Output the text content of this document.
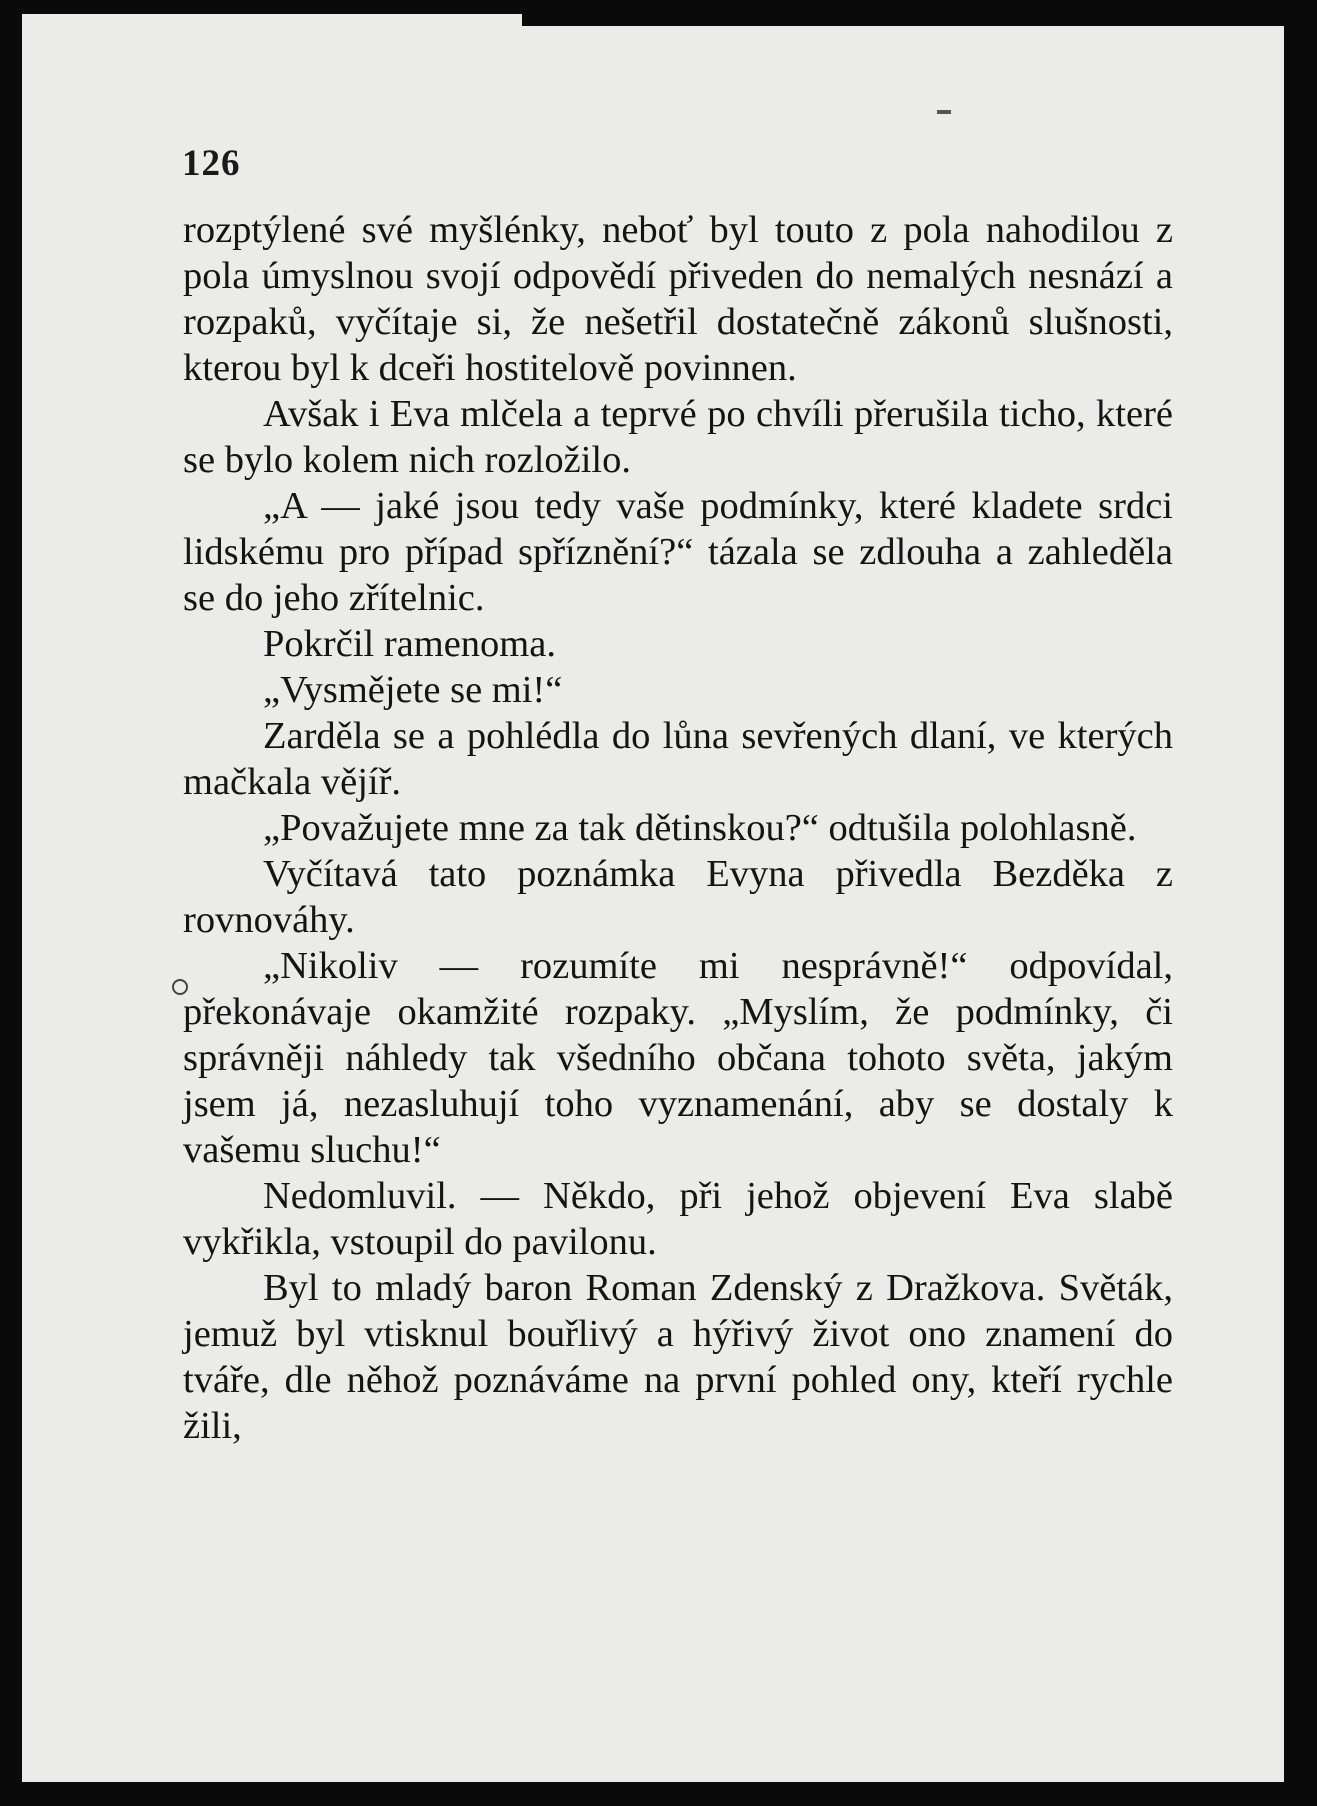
126

rozptýlené své myšlénky, neboť byl touto z pola nahodilou z pola úmyslnou svojí odpovědí přiveden do nemalých nesnází a rozpaků, vyčítaje si, že nešetřil dostatečně zákonů slušnosti, kterou byl k dceři hostitelově povinnen.

Avšak i Eva mlčela a teprvé po chvíli přerušila ticho, které se bylo kolem nich rozložilo.

„A — jaké jsou tedy vaše podmínky, které kladete srdci lidskému pro případ spříznění?“ tázala se zdlouha a zahleděla se do jeho zřítelnic.

Pokrčil ramenoma.

„Vysmějete se mi!“

Zarděla se a pohlédla do lůna sevřených dlaní, ve kterých mačkala vějíř.

„Považujete mne za tak dětinskou?“ odtušila polohlasně.

Vyčítavá tato poznámka Evyna přivedla Bezděka z rovnováhy.

„Nikoliv — rozumíte mi nesprávně!“ odpovídal, překonávaje okamžité rozpaky. „Myslím, že podmínky, či správněji náhledy tak všedního občana tohoto světa, jakým jsem já, nezasluhují toho vyznamenání, aby se dostaly k vašemu sluchu!“

Nedomluvil. — Někdo, při jehož objevení Eva slabě vykřikla, vstoupil do pavilonu.

Byl to mladý baron Roman Zdenský z Dražkova. Světák, jemuž byl vtisknul bouřlivý a hýřivý život ono znamení do tváře, dle něhož poznáváme na první pohled ony, kteří rychle žili,
